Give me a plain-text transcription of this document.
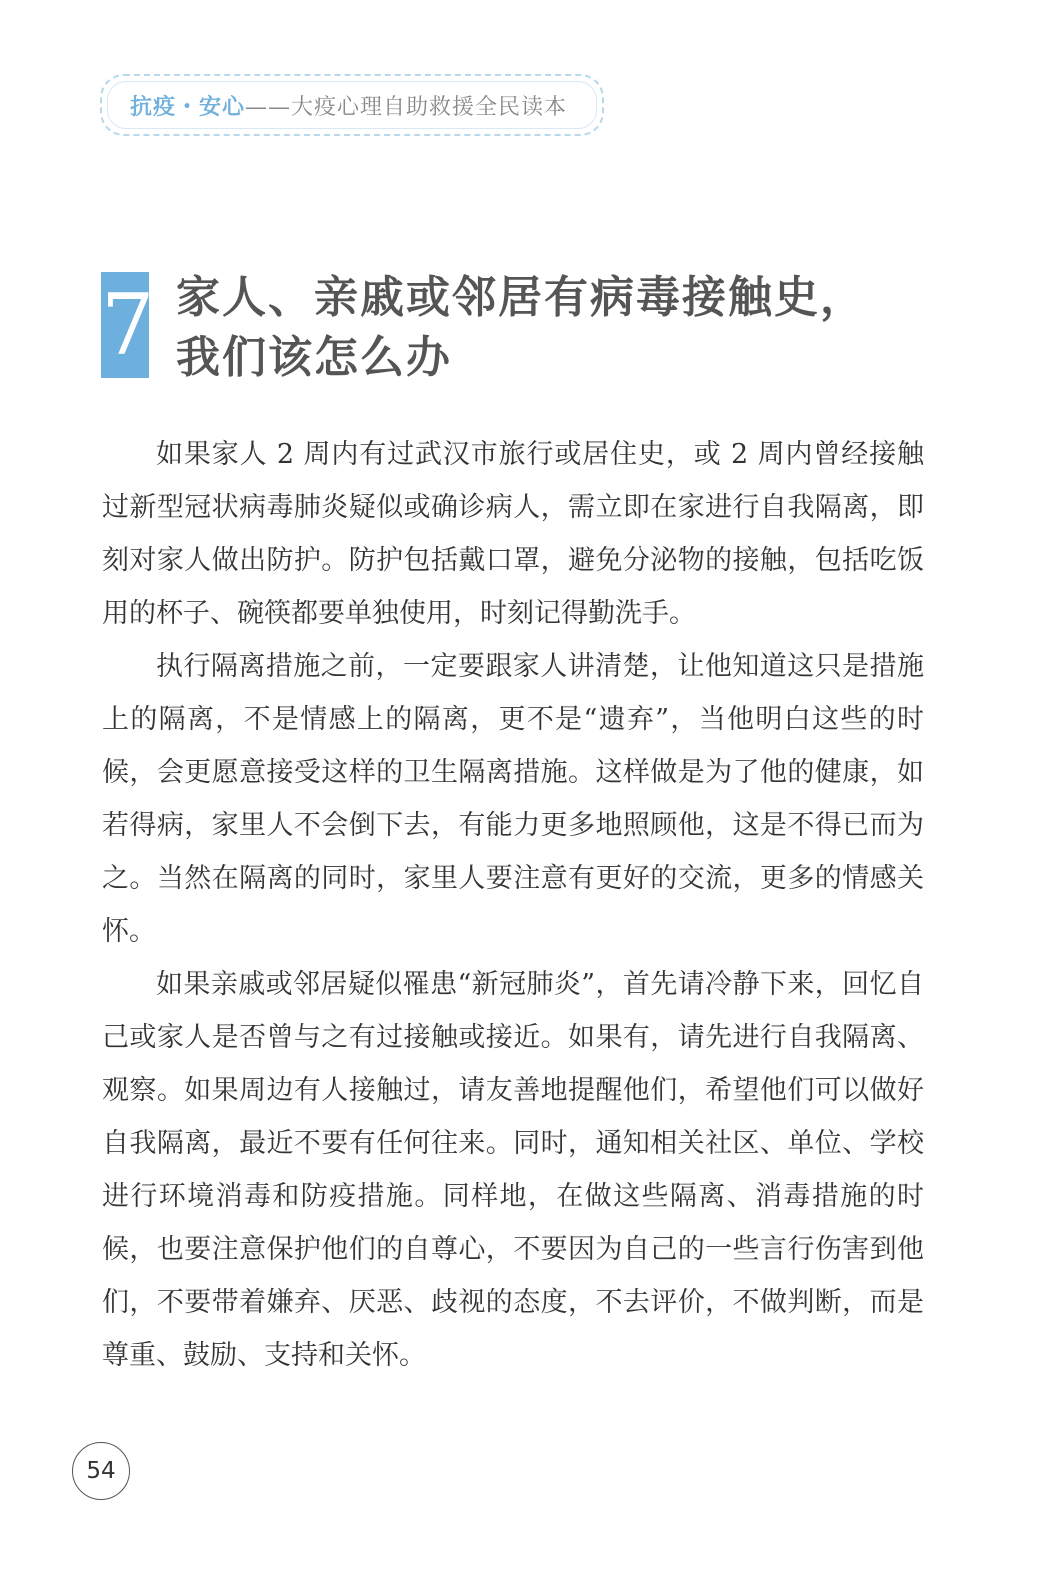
抗疫・安心——大疫心理自助救援全民读本
7 家人、亲戚或邻居有病毒接触史，
我们该怎么办

如果家人 2 周内有过武汉市旅行或居住史，或 2 周内曾经接触过新型冠状病毒肺炎疑似或确诊病人，需立即在家进行自我隔离，即刻对家人做出防护。防护包括戴口罩，避免分泌物的接触，包括吃饭用的杯子、碗筷都要单独使用，时刻记得勤洗手。

执行隔离措施之前，一定要跟家人讲清楚，让他知道这只是措施上的隔离，不是情感上的隔离，更不是“遗弃”，当他明白这些的时候，会更愿意接受这样的卫生隔离措施。这样做是为了他的健康，如若得病，家里人不会倒下去，有能力更多地照顾他，这是不得已而为之。当然在隔离的同时，家里人要注意有更好的交流，更多的情感关怀。

如果亲戚或邻居疑似罹患“新冠肺炎”，首先请冷静下来，回忆自己或家人是否曾与之有过接触或接近。如果有，请先进行自我隔离、观察。如果周边有人接触过，请友善地提醒他们，希望他们可以做好自我隔离，最近不要有任何往来。同时，通知相关社区、单位、学校进行环境消毒和防疫措施。同样地，在做这些隔离、消毒措施的时候，也要注意保护他们的自尊心，不要因为自己的一些言行伤害到他们，不要带着嫌弃、厌恶、歧视的态度，不去评价，不做判断，而是尊重、鼓励、支持和关怀。

54
